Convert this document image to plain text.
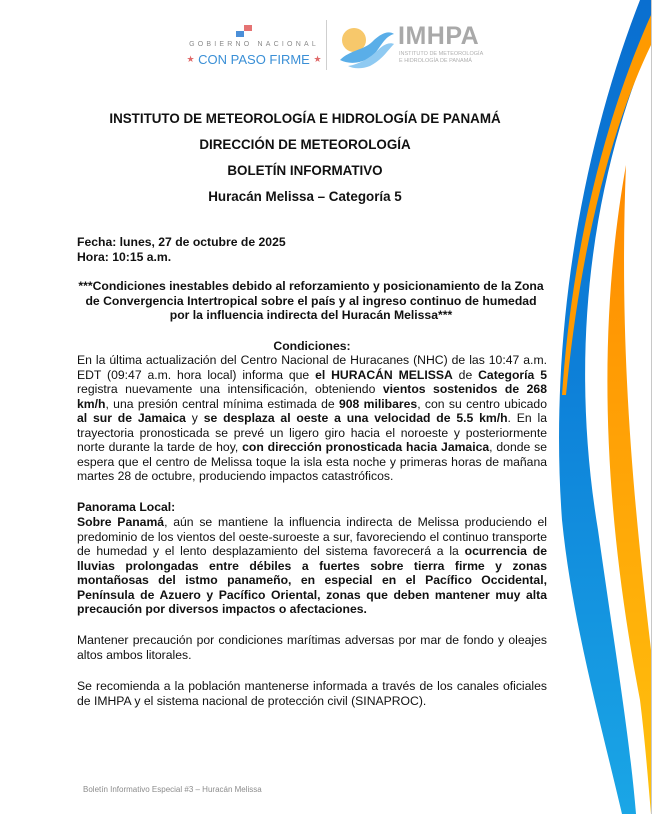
GOBIERNO NACIONAL
★ CON PASO FIRME ★
IMHPA
INSTITUTO DE METEOROLOGÍA
E HIDROLOGÍA DE PANAMÁ
INSTITUTO DE METEOROLOGÍA E HIDROLOGÍA DE PANAMÁ
DIRECCIÓN DE METEOROLOGÍA
BOLETÍN INFORMATIVO
Huracán Melissa – Categoría 5
Fecha: lunes, 27 de octubre de 2025
Hora: 10:15 a.m.
***Condiciones inestables debido al reforzamiento y posicionamiento de la Zona de Convergencia Intertropical sobre el país y al ingreso continuo de humedad por la influencia indirecta del Huracán Melissa***
Condiciones:
En la última actualización del Centro Nacional de Huracanes (NHC) de las 10:47 a.m. EDT (09:47 a.m. hora local) informa que el HURACÁN MELISSA de Categoría 5 registra nuevamente una intensificación, obteniendo vientos sostenidos de 268 km/h, una presión central mínima estimada de 908 milibares, con su centro ubicado al sur de Jamaica y se desplaza al oeste a una velocidad de 5.5 km/h. En la trayectoria pronosticada se prevé un ligero giro hacia el noroeste y posteriormente norte durante la tarde de hoy, con dirección pronosticada hacia Jamaica, donde se espera que el centro de Melissa toque la isla esta noche y primeras horas de mañana martes 28 de octubre, produciendo impactos catastróficos.
Panorama Local:
Sobre Panamá, aún se mantiene la influencia indirecta de Melissa produciendo el predominio de los vientos del oeste-suroeste a sur, favoreciendo el continuo transporte de humedad y el lento desplazamiento del sistema favorecerá a la ocurrencia de lluvias prolongadas entre débiles a fuertes sobre tierra firme y zonas montañosas del istmo panameño, en especial en el Pacífico Occidental, Península de Azuero y Pacífico Oriental, zonas que deben mantener muy alta precaución por diversos impactos o afectaciones.
Mantener precaución por condiciones marítimas adversas por mar de fondo y oleajes altos ambos litorales.
Se recomienda a la población mantenerse informada a través de los canales oficiales de IMHPA y el sistema nacional de protección civil (SINAPROC).
Boletín Informativo Especial #3 – Huracán Melissa
